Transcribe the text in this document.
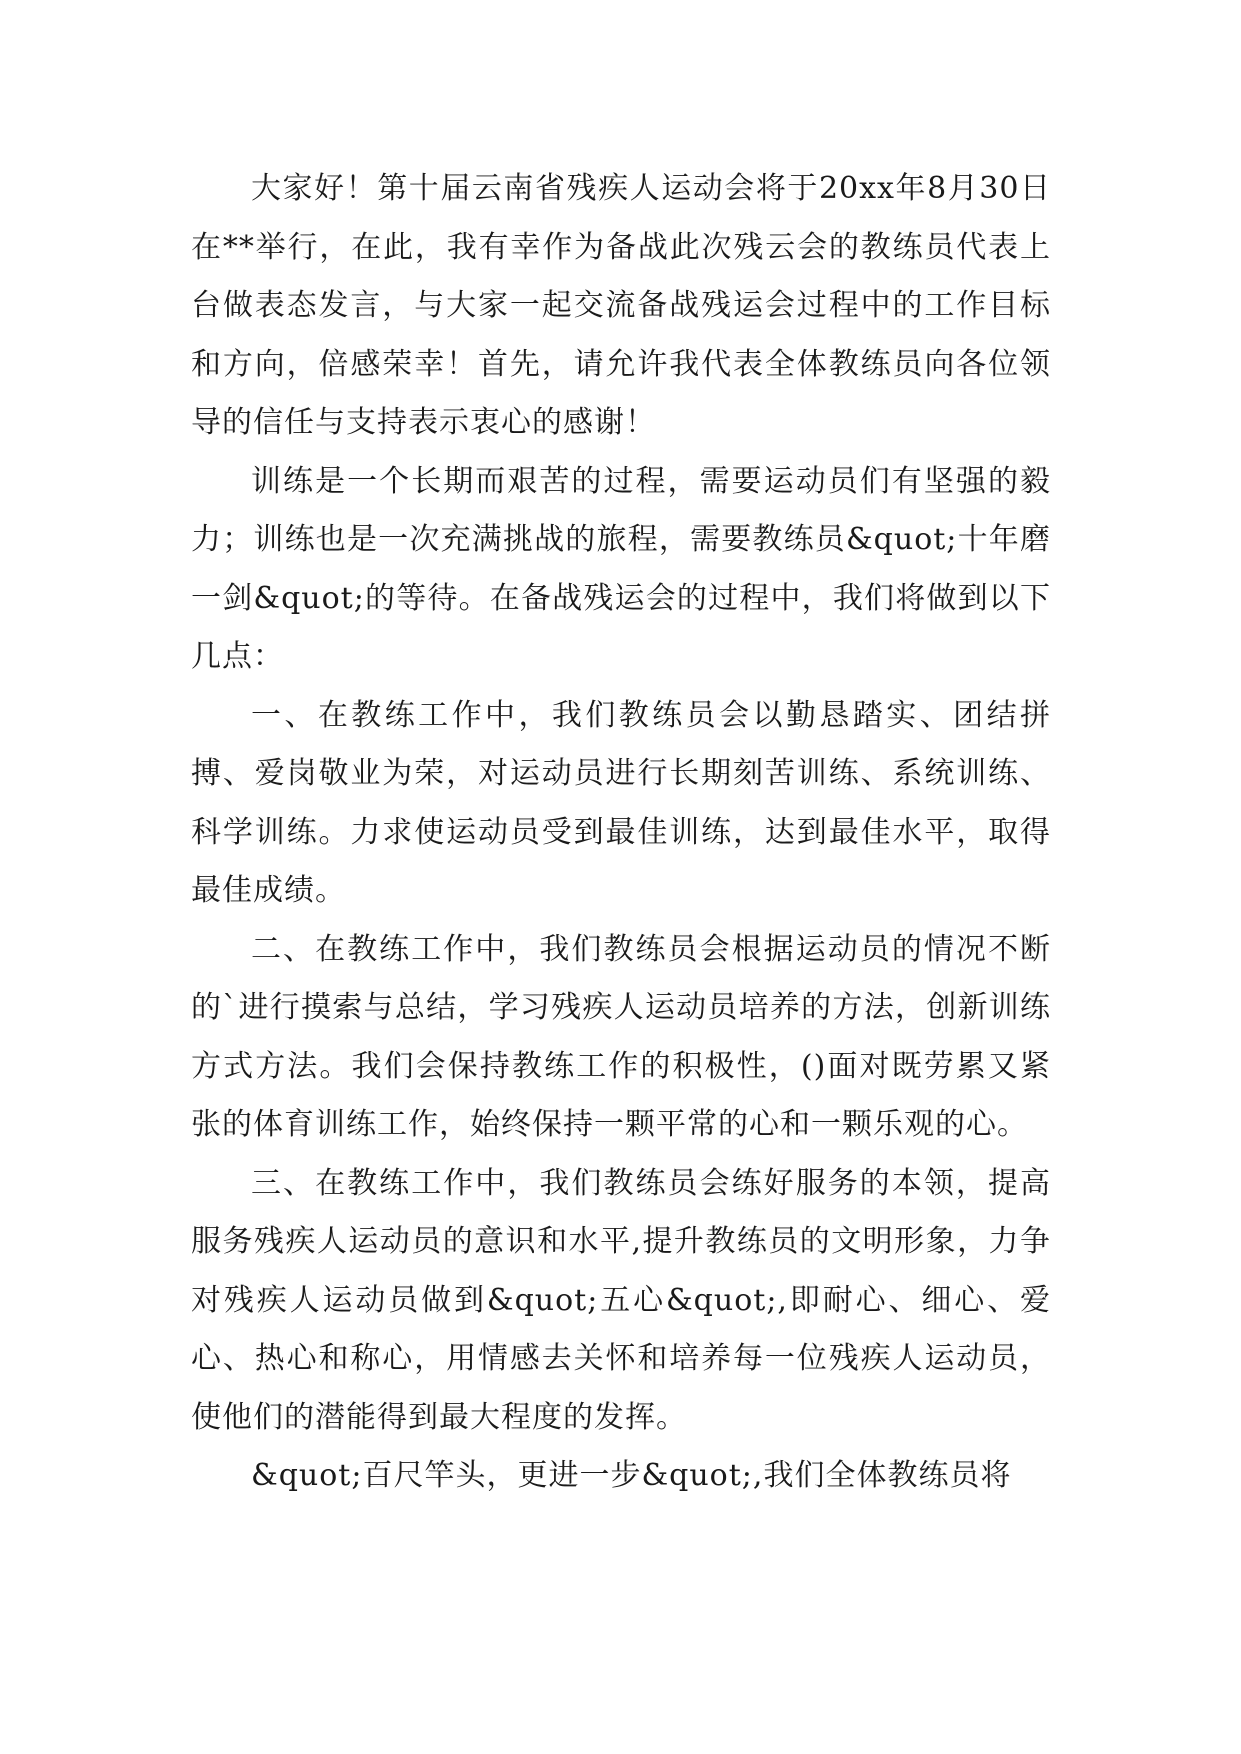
大家好！第十届云南省残疾人运动会将于20xx年8月30日在**举行，在此，我有幸作为备战此次残云会的教练员代表上台做表态发言，与大家一起交流备战残运会过程中的工作目标和方向，倍感荣幸！首先，请允许我代表全体教练员向各位领导的信任与支持表示衷心的感谢！

训练是一个长期而艰苦的过程，需要运动员们有坚强的毅力；训练也是一次充满挑战的旅程，需要教练员&quot;十年磨一剑&quot;的等待。在备战残运会的过程中，我们将做到以下几点：

一、在教练工作中，我们教练员会以勤恳踏实、团结拼搏、爱岗敬业为荣，对运动员进行长期刻苦训练、系统训练、科学训练。力求使运动员受到最佳训练，达到最佳水平，取得最佳成绩。

二、在教练工作中，我们教练员会根据运动员的情况不断的`进行摸索与总结，学习残疾人运动员培养的方法，创新训练方式方法。我们会保持教练工作的积极性，()面对既劳累又紧张的体育训练工作，始终保持一颗平常的心和一颗乐观的心。

三、在教练工作中，我们教练员会练好服务的本领，提高服务残疾人运动员的意识和水平,提升教练员的文明形象，力争对残疾人运动员做到&quot;五心&quot;,即耐心、细心、爱心、热心和称心，用情感去关怀和培养每一位残疾人运动员，使他们的潜能得到最大程度的发挥。

&quot;百尺竿头，更进一步&quot;,我们全体教练员将
